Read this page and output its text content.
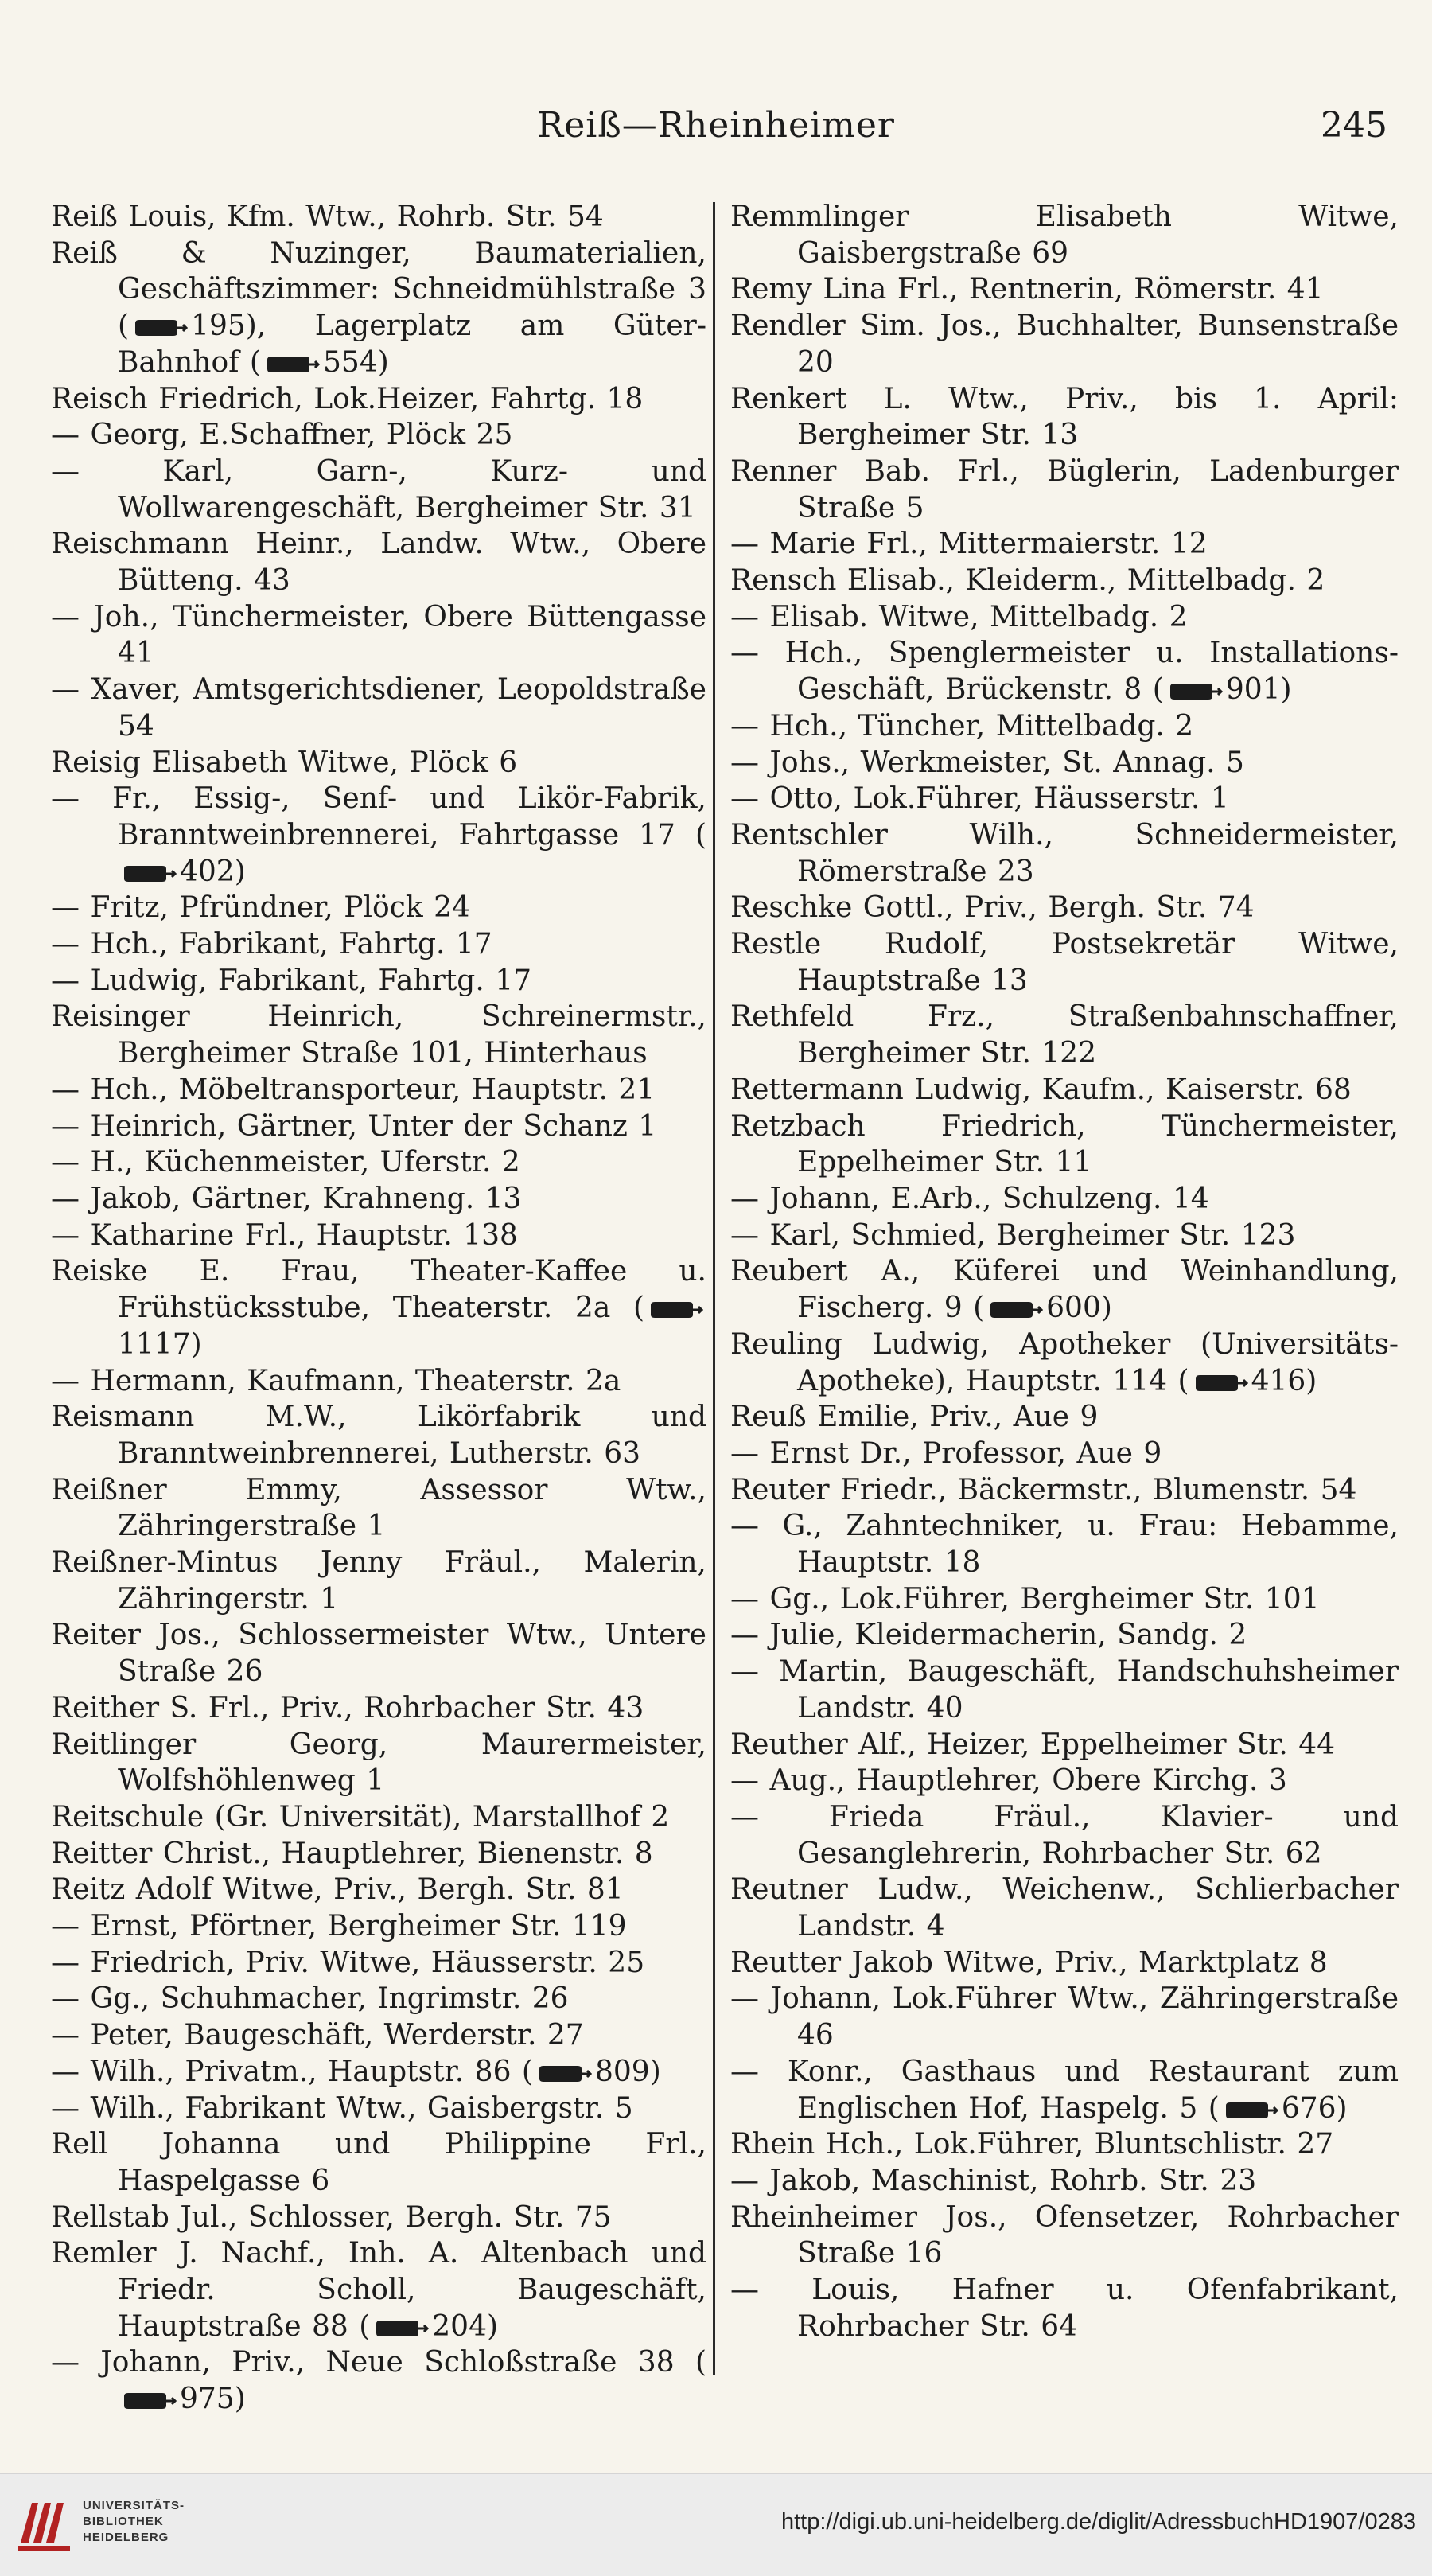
Reiß—Rheinheimer	245
Reiß Louis, Kfm. Wtw., Rohrb. Str. 54
Reiß & Nuzinger, Baumaterialien, Geschäftszimmer: Schneidmühlstraße 3 ( 195), Lagerplatz am Güter-Bahnhof ( 554)
Reisch Friedrich, Lok.Heizer, Fahrtg. 18
— Georg, E.Schaffner, Plöck 25
— Karl, Garn-, Kurz- und Wollwarengeschäft, Bergheimer Str. 31
Reischmann Heinr., Landw. Wtw., Obere Bütteng. 43
— Joh., Tünchermeister, Obere Büttengasse 41
— Xaver, Amtsgerichtsdiener, Leopoldstraße 54
Reisig Elisabeth Witwe, Plöck 6
— Fr., Essig-, Senf- und Likör-Fabrik, Branntweinbrennerei, Fahrtgasse 17 (402)
— Fritz, Pfründner, Plöck 24
— Hch., Fabrikant, Fahrtg. 17
— Ludwig, Fabrikant, Fahrtg. 17
Reisinger Heinrich, Schreinermstr., Bergheimer Straße 101, Hinterhaus
— Hch., Möbeltransporteur, Hauptstr. 21
— Heinrich, Gärtner, Unter der Schanz 1
— H., Küchenmeister, Uferstr. 2
— Jakob, Gärtner, Krahneng. 13
— Katharine Frl., Hauptstr. 138
Reiske E. Frau, Theater-Kaffee u. Frühstücksstube, Theaterstr. 2a (1117)
— Hermann, Kaufmann, Theaterstr. 2a
Reismann M.W., Likörfabrik und Branntweinbrennerei, Lutherstr. 63
Reißner Emmy, Assessor Wtw., Zähringerstraße 1
Reißner-Mintus Jenny Fräul., Malerin, Zähringerstr. 1
Reiter Jos., Schlossermeister Wtw., Untere Straße 26
Reither S. Frl., Priv., Rohrbacher Str. 43
Reitlinger Georg, Maurermeister, Wolfshöhlenweg 1
Reitschule (Gr. Universität), Marstallhof 2
Reitter Christ., Hauptlehrer, Bienenstr. 8
Reitz Adolf Witwe, Priv., Bergh. Str. 81
— Ernst, Pförtner, Bergheimer Str. 119
— Friedrich, Priv. Witwe, Häusserstr. 25
— Gg., Schuhmacher, Ingrimstr. 26
— Peter, Baugeschäft, Werderstr. 27
— Wilh., Privatm., Hauptstr. 86 ( 809)
— Wilh., Fabrikant Wtw., Gaisbergstr. 5
Rell Johanna und Philippine Frl., Haspelgasse 6
Rellstab Jul., Schlosser, Bergh. Str. 75
Remler J. Nachf., Inh. A. Altenbach und Friedr. Scholl, Baugeschäft, Hauptstraße 88 ( 204)
— Johann, Priv., Neue Schloßstraße 38 (975)
Remmlinger Elisabeth Witwe, Gaisbergstraße 69
Remy Lina Frl., Rentnerin, Römerstr. 41
Rendler Sim. Jos., Buchhalter, Bunsenstraße 20
Renkert L. Wtw., Priv., bis 1. April: Bergheimer Str. 13
Renner Bab. Frl., Büglerin, Ladenburger Straße 5
— Marie Frl., Mittermaierstr. 12
Rensch Elisab., Kleiderm., Mittelbadg. 2
— Elisab. Witwe, Mittelbadg. 2
— Hch., Spenglermeister u. Installations-Geschäft, Brückenstr. 8 ( 901)
— Hch., Tüncher, Mittelbadg. 2
— Johs., Werkmeister, St. Annag. 5
— Otto, Lok.Führer, Häusserstr. 1
Rentschler Wilh., Schneidermeister, Römerstraße 23
Reschke Gottl., Priv., Bergh. Str. 74
Restle Rudolf, Postsekretär Witwe, Hauptstraße 13
Rethfeld Frz., Straßenbahnschaffner, Bergheimer Str. 122
Rettermann Ludwig, Kaufm., Kaiserstr. 68
Retzbach Friedrich, Tünchermeister, Eppelheimer Str. 11
— Johann, E.Arb., Schulzeng. 14
— Karl, Schmied, Bergheimer Str. 123
Reubert A., Küferei und Weinhandlung, Fischerg. 9 ( 600)
Reuling Ludwig, Apotheker (Universitäts-Apotheke), Hauptstr. 114 ( 416)
Reuß Emilie, Priv., Aue 9
— Ernst Dr., Professor, Aue 9
Reuter Friedr., Bäckermstr., Blumenstr. 54
— G., Zahntechniker, u. Frau: Hebamme, Hauptstr. 18
— Gg., Lok.Führer, Bergheimer Str. 101
— Julie, Kleidermacherin, Sandg. 2
— Martin, Baugeschäft, Handschuhsheimer Landstr. 40
Reuther Alf., Heizer, Eppelheimer Str. 44
— Aug., Hauptlehrer, Obere Kirchg. 3
— Frieda Fräul., Klavier- und Gesanglehrerin, Rohrbacher Str. 62
Reutner Ludw., Weichenw., Schlierbacher Landstr. 4
Reutter Jakob Witwe, Priv., Marktplatz 8
— Johann, Lok.Führer Wtw., Zähringerstraße 46
— Konr., Gasthaus und Restaurant zum Englischen Hof, Haspelg. 5 ( 676)
Rhein Hch., Lok.Führer, Bluntschlistr. 27
— Jakob, Maschinist, Rohrb. Str. 23
Rheinheimer Jos., Ofensetzer, Rohrbacher Straße 16
— Louis, Hafner u. Ofenfabrikant, Rohrbacher Str. 64
UNIVERSITÄTS-
BIBLIOTHEK
HEIDELBERG
http://digi.ub.uni-heidelberg.de/diglit/AdressbuchHD1907/0283
